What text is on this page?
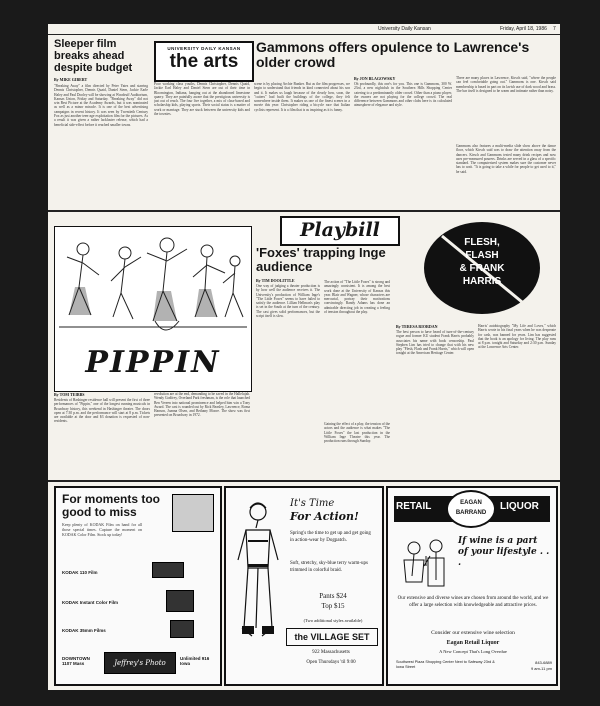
University Daily Kansan	Friday, April 18, 1986 7
Sleeper film breaks ahead despite budget
By MIKE GIBERT
"Breaking Away" a film directed by Peter Yates and starring Dennis Christopher, Dennis Quaid, Daniel Stern, Jackie Earle Haley and Paul Dooley will be showing at Woodruff Auditorium, Kansas Union, Friday and Saturday. "Breaking Away" did not win Best Picture at the Academy Awards, but it was nominated as well as a minor miracle. It is one of the best advertising campaigns in recent history. It was seen by Twentieth Century Fox as just another teen-age exploitation film for the pictures. As a result it was given a rather lackluster release, which had a beneficial side-effect before it reached smaller towns.
UNIVERSITY DAILY KANSAN
the arts
Poor working class youths, Dennis Christopher, Dennis Quaid, Jackie Earl Haley and Daniel Stern are out of their time in Bloomington, Indiana, hanging out at the abandoned limestone quarry. They are painfully aware that the prestigious university is just out of reach. The four live together, a mix of class-based and scholarship kids, playing sports. Their social status is a matter of work or marriage. They are stuck between the university kids and the townies.
scene is by placing Archie Bunker. But as the film progresses, we begin to understand that friends in kind connected about his son and it. It makes us laugh because of the clearly how, soon, the "cutters" had built the buildings of the college, they felt somewhere inside them. It makes us one of the finest scenes in a movie this year: Christopher riding a bicycle race that Italian cyclists represent. It is a film that is as inspiring as it is funny.
Gammons offers opulence to Lawrence's older crowd
By JON BLAGOWSKY
Oh profoundly, this one's for you. This one is Gammons, 300 W. 23rd, a new nightclub in the Southern Hills Shopping Center catering to a predominantly older crowd. Other than a piano player, the owners are not playing for the college crowd. The real difference between Gammons and other clubs here is its calculated atmosphere of elegance and style.
There are many places in Lawrence, Kirsch said, "where the people can feel comfortable going out." Gammons is one. Kirsch said membership is based in part on its lavish use of dark wood and brass. The bar itself is designed to be warm and intimate rather than noisy.
Gammons also features a multi-media slide show above the dance floor, which Kirsch said was to draw the attention away from the dancers. Kirsch and Gammons tested many drink recipes and now uses pre-measured pourers. Drinks are served in a glass of a specific standard. The computerized system makes sure the customer never has to wait. "It is going to take a while for people to get used to it," he said.
PIPPIN
By TOM TEIBBS
Residents of Hashinger residence hall will present the first of three performances of "Pippin," one of the longest running musicals in Broadway history, this weekend in Hashinger theater. The doors open at 7:30 p.m. and the performance will start at 8 p.m. Tickets are available at the door and $3 donation is requested of non-residents.
revolution are at the end, demanding to be saved in the Hallelujah. Wendy Godfrey, Overland Park freshman, is the role that launched Ben Vereen into national prominence and helped him win a Tony Award. The cast is rounded out by Rick Beasley, Lawrence, Roma Hanson, Joanna Olsen, and Bethany Moore. The show was first presented on Broadway in 1972.
Playbill
'Foxes' trapping Inge audience
By TIM DOOLITTLE
One way of judging a theater production is by how well the audience receives it. The University's production of William Inge's "The Little Foxes" seems to have failed to satisfy the audience. Lillian Hellman's play is set in the South at the turn of the century. The cast gives solid performances, but the script itself is slow.
The action of "The Little Foxes" is strong and amazingly consistent. It is among the best work done at the University of Kansas this year. Blair and Wagner, whose characters are mercurial, portray their motivations convincingly. Randy Adams has done an admirable directing job in creating a feeling of tension throughout the play.
Gaining the effect of a play, the tension of the actors and the audience is what makes "The Little Foxes" the last production in the William Inge Theatre this year. The production runs through Sunday.
FLESH,
FLASH
& FRANK
HARRIS
By TERESA RIORDAN
The best person to have heard of turn-of-the-century rogue and former KU student Frank Harris probably associates his name with book censorship. Paul Stephen Lim has tried to change that with his new play "Flesh, Flash and Frank Harris," which will open tonight at the American Heritage Center.
Harris' autobiography "My Life and Loves," which Harris wrote in his final years when he was desperate for cash, was banned for years. Lim has suggested that the book is an apology for living. The play runs at 8 p.m. tonight and Saturday and 2:30 p.m. Sunday at the Lawrence Arts Center.
For moments too good to miss
Keep plenty of KODAK Film on hand for all those special times. Capture the moment on KODAK Color Film. Stock up today!
KODAK 110 Film
KODAK Instant Color Film
KODAK 35mm Films
DOWNTOWN 1107 Mass	Jeffrey's Photo
Unlimited 916 Iowa
It's Time
For Action!
Spring's the time to get up and get going in action-wear by Dogpatch.
Soft, stretchy, sky-blue terry warm-ups trimmed in colorful braid.
Pants $24
Top $15
(Two additional styles available)
the VILLAGE SET
922 Massachusetts
Open Thursdays 'til 9:00
RETAIL	LIQUOR
EAGAN
BARRAND
If wine is a part of your lifestyle . . .
Our extensive and diverse wines are chosen from around the world, and we offer a large selection with knowledgeable and attractive prices.
Consider our extensive wine selection
Eagan Retail Liquor
A New Concept That's Long Overdue
Southwest Plaza Shopping Center Next to Safeway 23rd & Iowa Street
843-6889
9 am-11 pm
